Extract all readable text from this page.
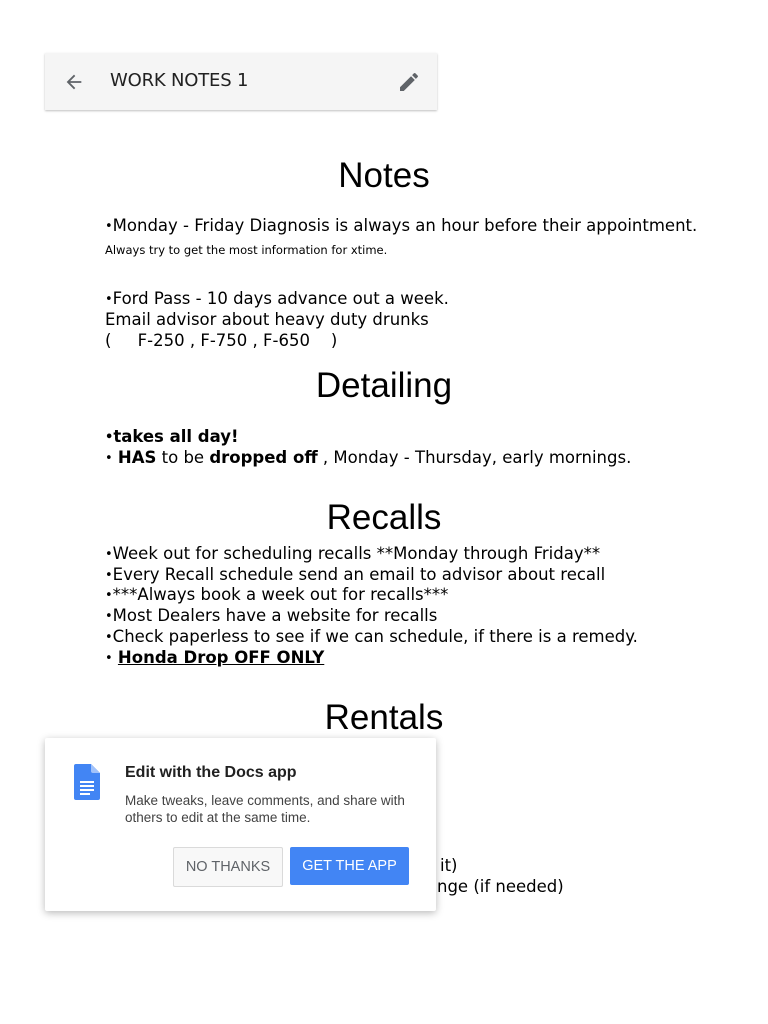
WORK NOTES 1
Notes
• Monday - Friday Diagnosis is always an hour before their appointment.
Always try to get the most information for xtime.
• Ford Pass - 10 days advance out a week.
Email advisor about heavy duty drunks
(     F-250 , F-750 , F-650    )
Detailing
• takes all day!
• HAS to be dropped off , Monday - Thursday, early mornings.
Recalls
• Week out for scheduling recalls **Monday through Friday**
• Every Recall schedule send an email to advisor about recall
• ***Always book a week out for recalls***
• Most Dealers have a website for recalls
• Check paperless to see if we can schedule, if there is a remedy.
• Honda Drop OFF ONLY
Rentals
it)
nge (if needed)
Edit with the Docs app
Make tweaks, leave comments, and share with others to edit at the same time.
NO THANKS	GET THE APP
